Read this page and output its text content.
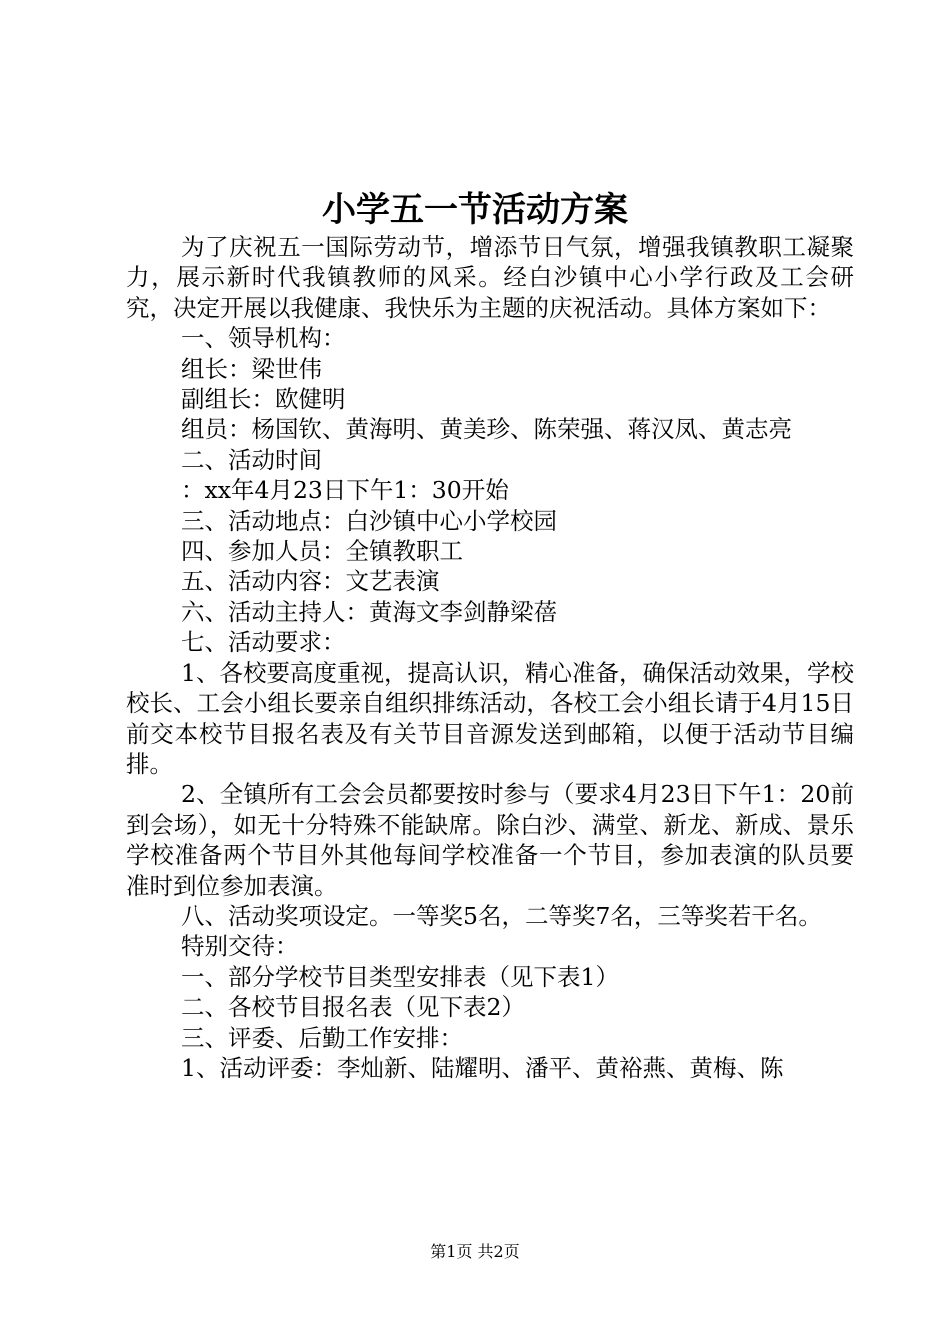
小学五一节活动方案

为了庆祝五一国际劳动节，增添节日气氛，增强我镇教职工凝聚力，展示新时代我镇教师的风采。经白沙镇中心小学行政及工会研究，决定开展以我健康、我快乐为主题的庆祝活动。具体方案如下：

一、领导机构：

组长：梁世伟

副组长：欧健明

组员：杨国钦、黄海明、黄美珍、陈荣强、蒋汉凤、黄志亮

二、活动时间

：xx年4月23日下午1：30开始

三、活动地点：白沙镇中心小学校园

四、参加人员：全镇教职工

五、活动内容：文艺表演

六、活动主持人：黄海文李剑静梁蓓

七、活动要求：

1、各校要高度重视，提高认识，精心准备，确保活动效果，学校校长、工会小组长要亲自组织排练活动，各校工会小组长请于4月15日前交本校节目报名表及有关节目音源发送到邮箱，以便于活动节目编排。

2、全镇所有工会会员都要按时参与（要求4月23日下午1：20前到会场），如无十分特殊不能缺席。除白沙、满堂、新龙、新成、景乐学校准备两个节目外其他每间学校准备一个节目，参加表演的队员要准时到位参加表演。

八、活动奖项设定。一等奖5名，二等奖7名，三等奖若干名。

特别交待：

一、部分学校节目类型安排表（见下表1）

二、各校节目报名表（见下表2）

三、评委、后勤工作安排：

1、活动评委：李灿新、陆耀明、潘平、黄裕燕、黄梅、陈

第1页 共2页
